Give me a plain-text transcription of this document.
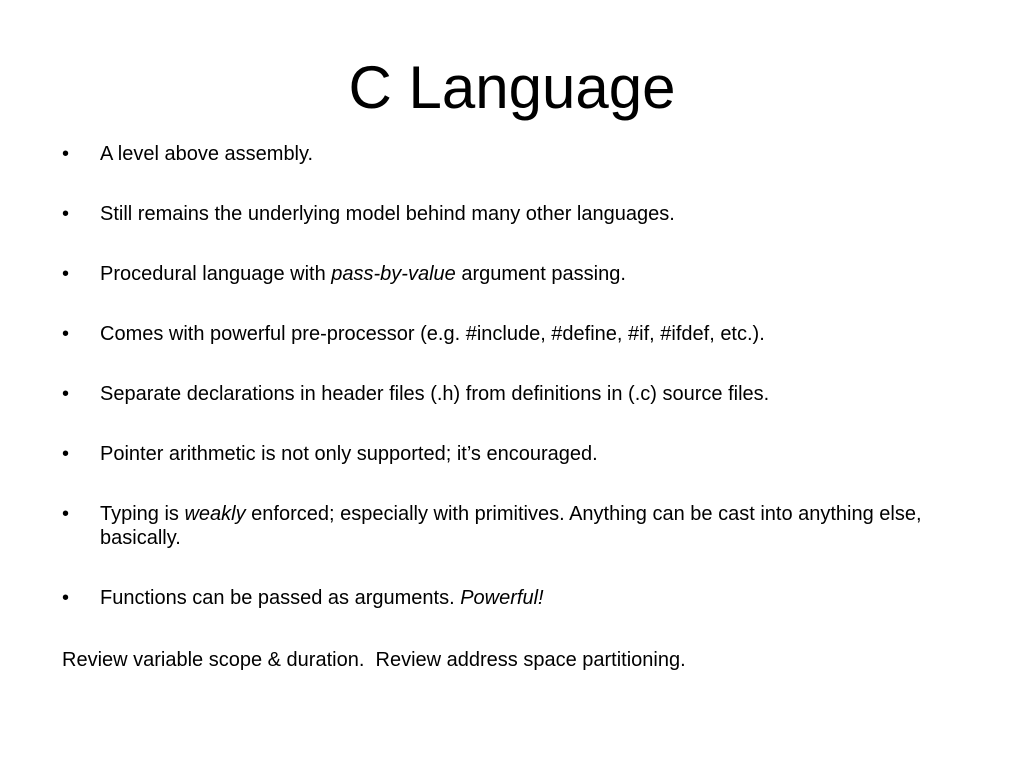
C Language
•	A level above assembly.
•	Still remains the underlying model behind many other languages.
•	Procedural language with pass-by-value argument passing.
•	Comes with powerful pre-processor (e.g. #include, #define, #if, #ifdef, etc.).
•	Separate declarations in header files (.h) from definitions in (.c) source files.
•	Pointer arithmetic is not only supported; it’s encouraged.
•	Typing is weakly enforced; especially with primitives. Anything can be cast into anything else, basically.
•	Functions can be passed as arguments. Powerful!

Review variable scope & duration.  Review address space partitioning.
